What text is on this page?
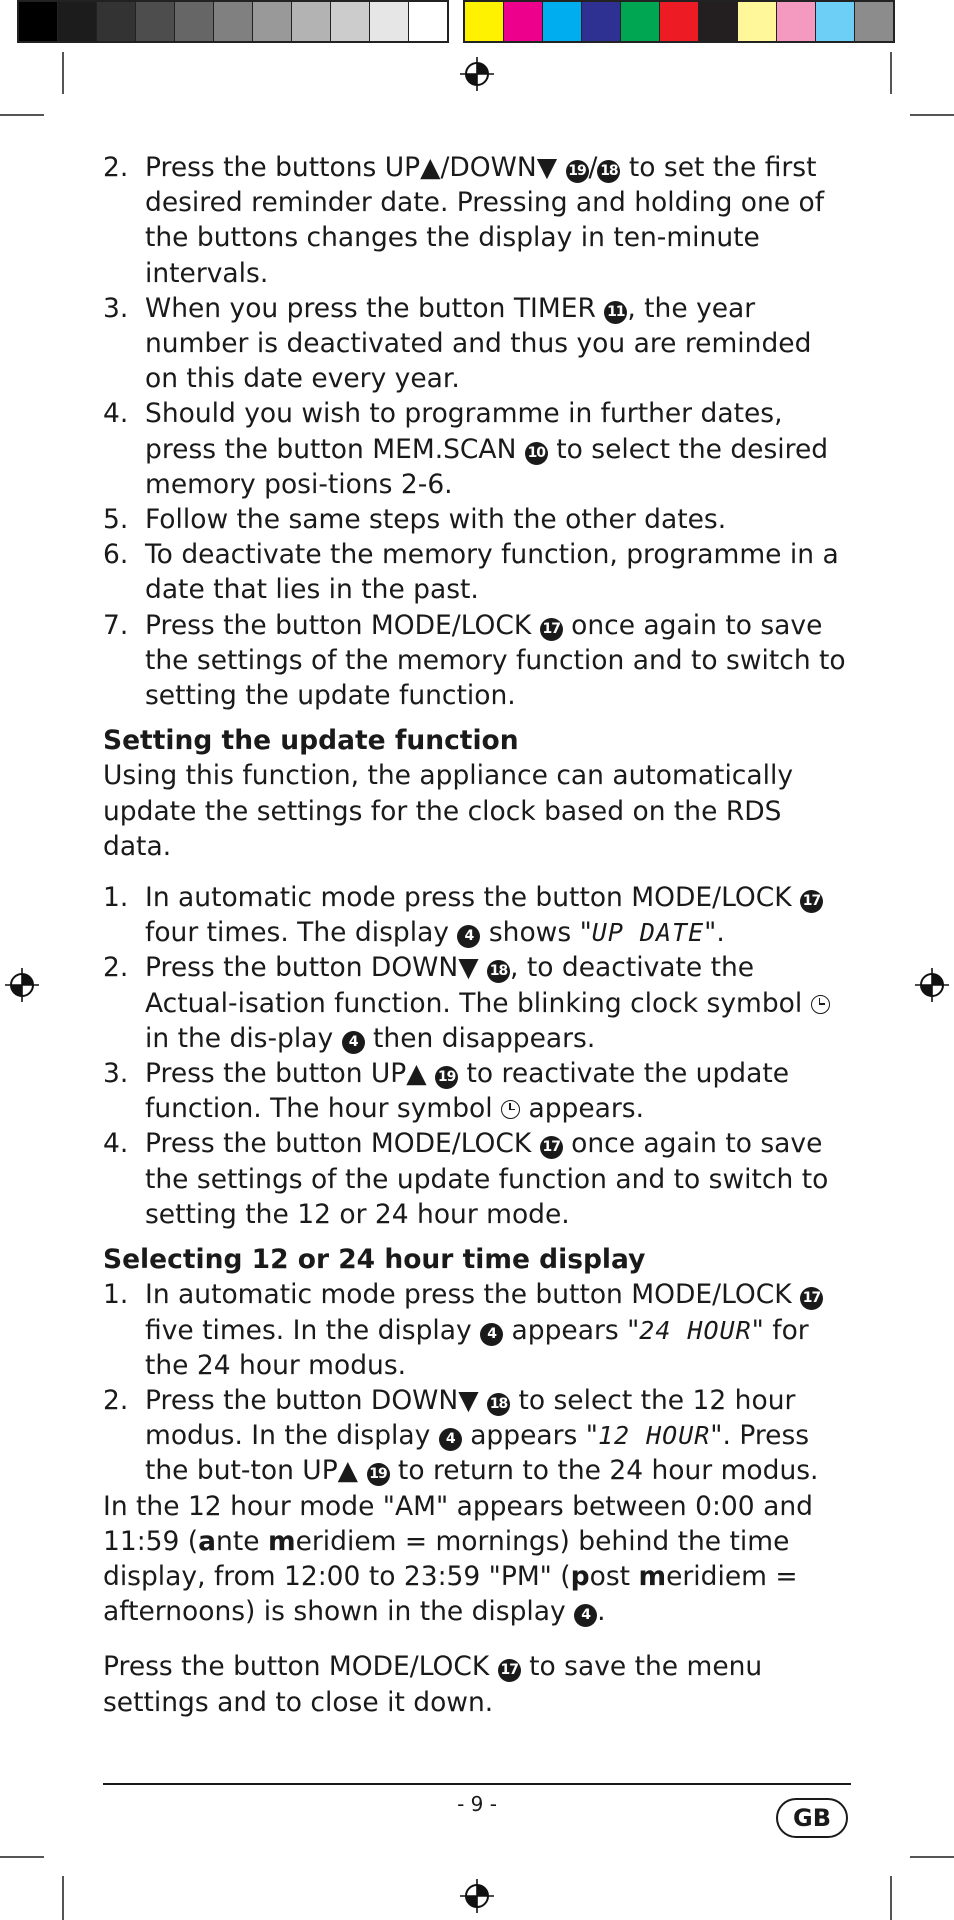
2. Press the buttons UP▲/DOWN▼ 19 / 18 to set the first desired reminder date. Pressing and holding one of the buttons changes the display in ten-minute intervals.
3. When you press the button TIMER 11 , the year number is deactivated and thus you are reminded on this date every year.
4. Should you wish to programme in further dates, press the button MEM.SCAN 10 to select the desired memory posi-tions 2-6.
5. Follow the same steps with the other dates.
6. To deactivate the memory function, programme in a date that lies in the past.
7. Press the button MODE/LOCK 17 once again to save the settings of the memory function and to switch to setting the update function.
Setting the update function
Using this function, the appliance can automatically update the settings for the clock based on the RDS data.
1. In automatic mode press the button MODE/LOCK 17 four times. The display 4 shows "UP DATE".
2. Press the button DOWN▼ 18 , to deactivate the Actual-isation function. The blinking clock symbol  in the dis-play 4 then disappears.
3. Press the button UP▲ 19 to reactivate the update function. The hour symbol  appears.
4. Press the button MODE/LOCK 17 once again to save the settings of the update function and to switch to setting the 12 or 24 hour mode.
Selecting 12 or 24 hour time display
1. In automatic mode press the button MODE/LOCK 17 five times. In the display 4 appears "24 HOUR" for the 24 hour modus.
2. Press the button DOWN▼ 18 to select the 12 hour modus. In the display 4 appears "12 HOUR". Press the but-ton UP▲ 19 to return to the 24 hour modus.
In the 12 hour mode "AM" appears between 0:00 and 11:59 (ante meridiem = mornings) behind the time display, from 12:00 to 23:59 "PM" (post meridiem = afternoons) is shown in the display 4 .
Press the button MODE/LOCK 17 to save the menu settings and to close it down.
- 9 -	GB
